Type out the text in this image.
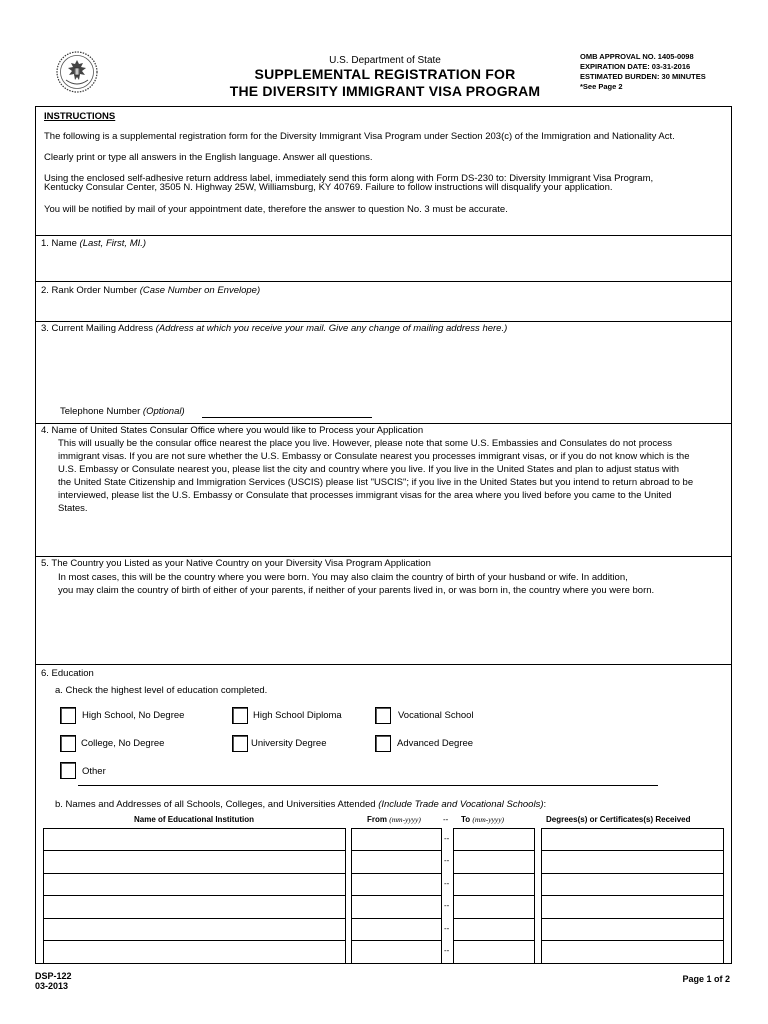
U.S. Department of State
SUPPLEMENTAL REGISTRATION FOR
THE DIVERSITY IMMIGRANT VISA PROGRAM
OMB APPROVAL NO. 1405-0098
EXPIRATION DATE: 03-31-2016
ESTIMATED BURDEN: 30 MINUTES
*See Page 2
INSTRUCTIONS
The following is a supplemental registration form for the Diversity Immigrant Visa Program under Section 203(c) of the Immigration and Nationality Act.
Clearly print or type all answers in the English language. Answer all questions.
Using the enclosed self-adhesive return address label, immediately send this form along with Form DS-230 to: Diversity Immigrant Visa Program,
Kentucky Consular Center, 3505 N. Highway 25W, Williamsburg, KY 40769. Failure to follow instructions will disqualify your application.
You will be notified by mail of your appointment date, therefore the answer to question No. 3 must be accurate.
1. Name (Last, First, MI.)
2. Rank Order Number (Case Number on Envelope)
3. Current Mailing Address (Address at which you receive your mail. Give any change of mailing address here.)
Telephone Number (Optional)
4. Name of United States Consular Office where you would like to Process your Application
This will usually be the consular office nearest the place you live. However, please note that some U.S. Embassies and Consulates do not process
immigrant visas. If you are not sure whether the U.S. Embassy or Consulate nearest you processes immigrant visas, or if you do not know which is the
U.S. Embassy or Consulate nearest you, please list the city and country where you live. If you live in the United States and plan to adjust status with
the United State Citizenship and Immigration Services (USCIS) please list "USCIS"; if you live in the United States but you intend to return abroad to be
interviewed, please list the U.S. Embassy or Consulate that processes immigrant visas for the area where you lived before you came to the United
States.
5. The Country you Listed as your Native Country on your Diversity Visa Program Application
In most cases, this will be the country where you were born. You may also claim the country of birth of your husband or wife. In addition,
you may claim the country of birth of either of your parents, if neither of your parents lived in, or was born in, the country where you were born.
6. Education
a. Check the highest level of education completed.
High School, No Degree	High School Diploma	Vocational School
College, No Degree	University Degree	Advanced Degree
Other
b. Names and Addresses of all Schools, Colleges, and Universities Attended (Include Trade and Vocational Schools):
Name of Educational Institution	From (mm-yyyy)	-- To (mm-yyyy)	Degrees(s) or Certificates(s) Received
--
--
--
--
--
--
DSP-122
03-2013
Page 1 of 2
